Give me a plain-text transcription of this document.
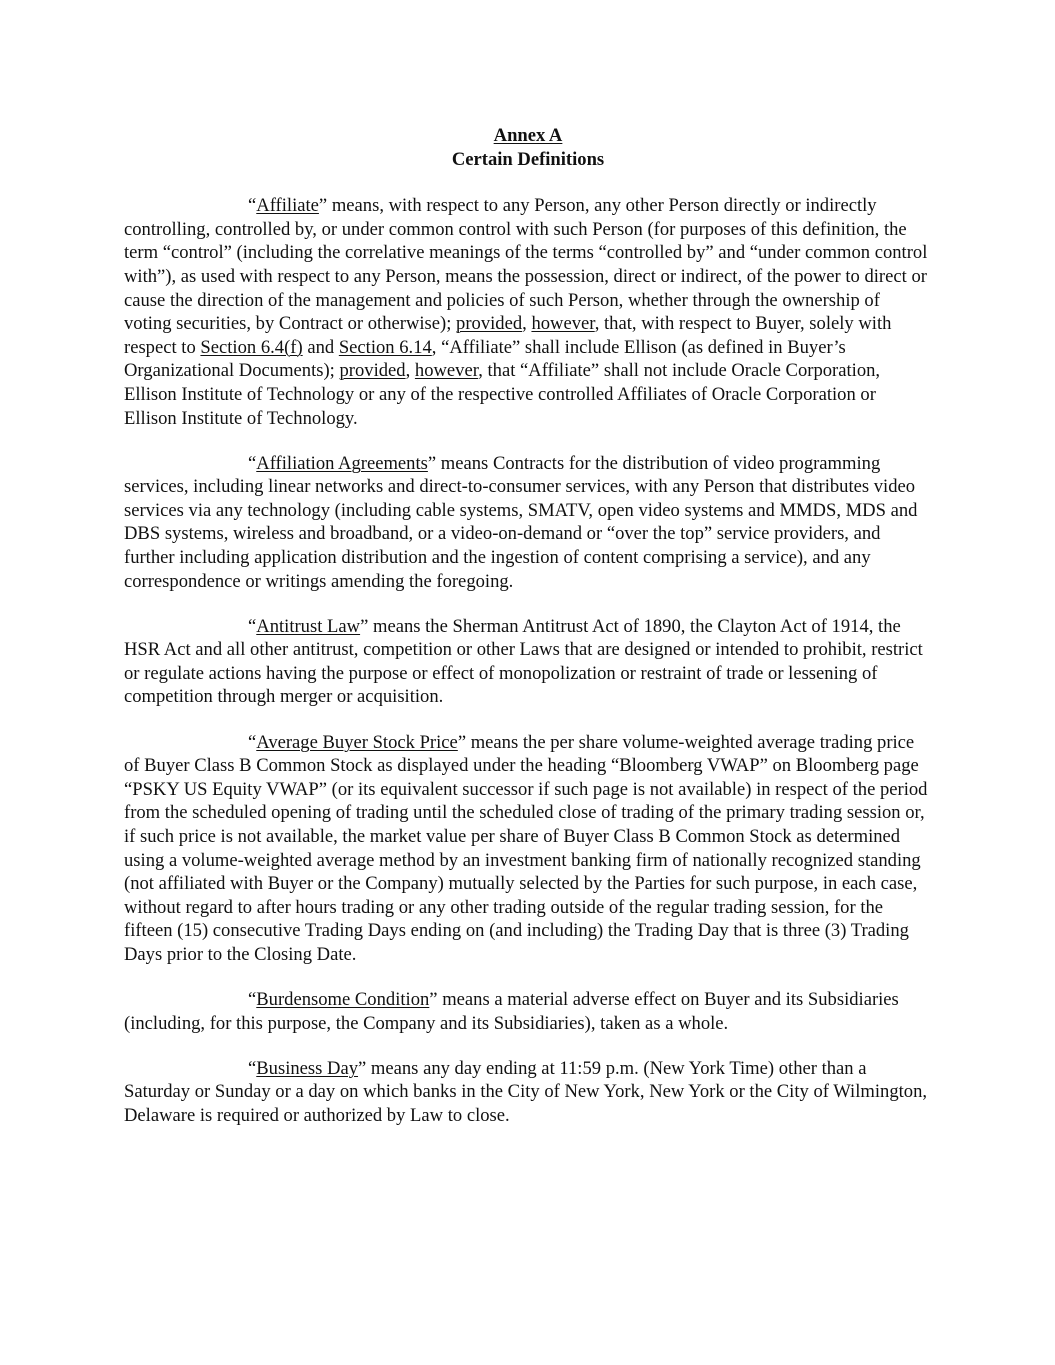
Annex A

Certain Definitions

“Affiliate” means, with respect to any Person, any other Person directly or indirectly controlling, controlled by, or under common control with such Person (for purposes of this definition, the term “control” (including the correlative meanings of the terms “controlled by” and “under common control with”), as used with respect to any Person, means the possession, direct or indirect, of the power to direct or cause the direction of the management and policies of such Person, whether through the ownership of voting securities, by Contract or otherwise); provided, however, that, with respect to Buyer, solely with respect to Section 6.4(f) and Section 6.14, “Affiliate” shall include Ellison (as defined in Buyer’s Organizational Documents); provided, however, that “Affiliate” shall not include Oracle Corporation, Ellison Institute of Technology or any of the respective controlled Affiliates of Oracle Corporation or Ellison Institute of Technology.

“Affiliation Agreements” means Contracts for the distribution of video programming services, including linear networks and direct-to-consumer services, with any Person that distributes video services via any technology (including cable systems, SMATV, open video systems and MMDS, MDS and DBS systems, wireless and broadband, or a video-on-demand or “over the top” service providers, and further including application distribution and the ingestion of content comprising a service), and any correspondence or writings amending the foregoing.

“Antitrust Law” means the Sherman Antitrust Act of 1890, the Clayton Act of 1914, the HSR Act and all other antitrust, competition or other Laws that are designed or intended to prohibit, restrict or regulate actions having the purpose or effect of monopolization or restraint of trade or lessening of competition through merger or acquisition.

“Average Buyer Stock Price” means the per share volume-weighted average trading price of Buyer Class B Common Stock as displayed under the heading “Bloomberg VWAP” on Bloomberg page “PSKY US Equity VWAP” (or its equivalent successor if such page is not available) in respect of the period from the scheduled opening of trading until the scheduled close of trading of the primary trading session or, if such price is not available, the market value per share of Buyer Class B Common Stock as determined using a volume-weighted average method by an investment banking firm of nationally recognized standing (not affiliated with Buyer or the Company) mutually selected by the Parties for such purpose, in each case, without regard to after hours trading or any other trading outside of the regular trading session, for the fifteen (15) consecutive Trading Days ending on (and including) the Trading Day that is three (3) Trading Days prior to the Closing Date.

“Burdensome Condition” means a material adverse effect on Buyer and its Subsidiaries (including, for this purpose, the Company and its Subsidiaries), taken as a whole.

“Business Day” means any day ending at 11:59 p.m. (New York Time) other than a Saturday or Sunday or a day on which banks in the City of New York, New York or the City of Wilmington, Delaware is required or authorized by Law to close.
